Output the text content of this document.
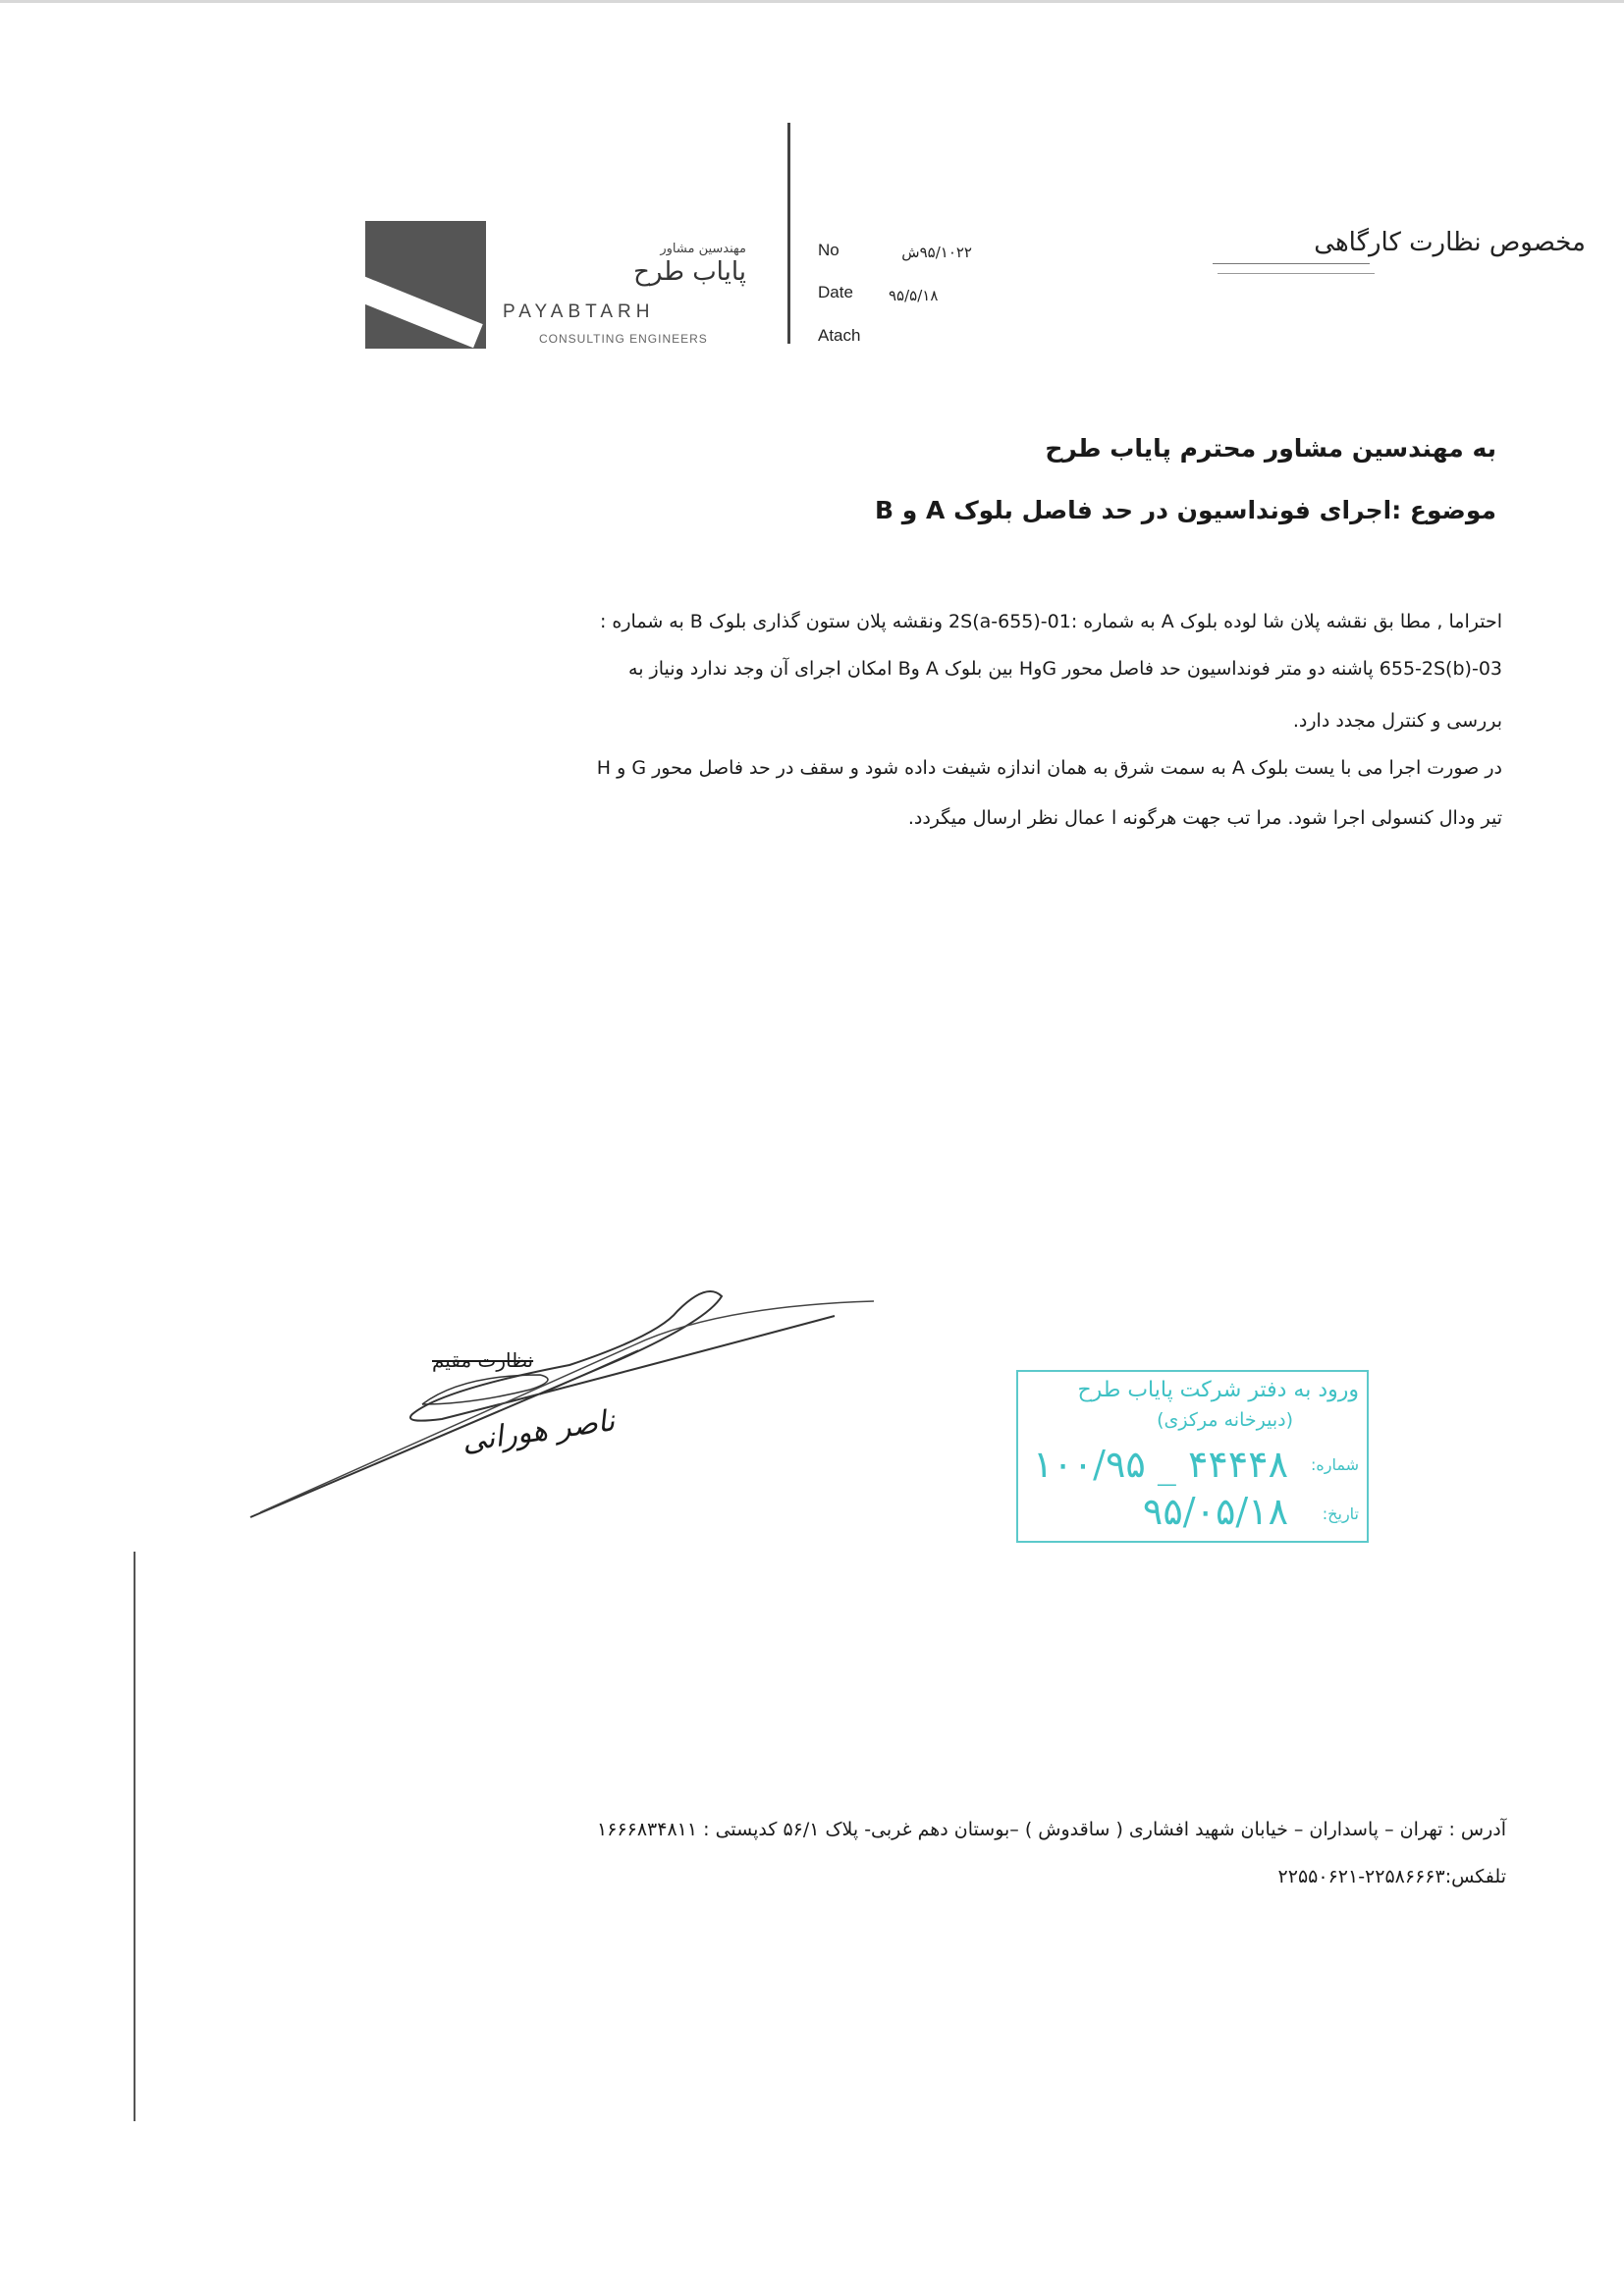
مهندسین مشاور
پایاب طرح
PAYABTARH
CONSULTING ENGINEERS
No	۹۵/۱۰۲۲ش
Date ۹۵/۵/۱۸
Atach
مخصوص نظارت کارگاهی
به مهندسین مشاور محترم پایاب طرح
موضوع :اجرای فونداسیون در حد فاصل بلوک A و B
احتراما , مطا بق نقشه پلان شا لوده بلوک A به شماره :01-(655-2S(a ونقشه پلان ستون گذاری بلوک B به شماره :
03-(655-2S(b پاشنه دو متر فونداسیون حد فاصل محور GوH بین بلوک A وB امکان اجرای آن وجد ندارد ونیاز به
بررسی و کنترل مجدد دارد.
در صورت اجرا می با یست بلوک A به سمت شرق به همان اندازه شیفت داده شود و سقف در حد فاصل محور G و H
تیر ودال کنسولی اجرا شود. مرا تب جهت هرگونه ا عمال نظر ارسال میگردد.
نظارت مقیم
ناصر هورانی
ورود به دفتر شرکت پایاب طرح
(دبیرخانه مرکزی)
شماره:
۱۰۰/۹۵ _ ۴۴۴۴۸
تاریخ:
۹۵/۰۵/۱۸
آدرس : تهران – پاسداران – خیابان شهید افشاری ( ساقدوش ) –بوستان دهم غربی- پلاک ۵۶/۱ کدپستی : ۱۶۶۶۸۳۴۸۱۱
تلفکس:۲۲۵۸۶۶۶۳-۲۲۵۵۰۶۲۱
